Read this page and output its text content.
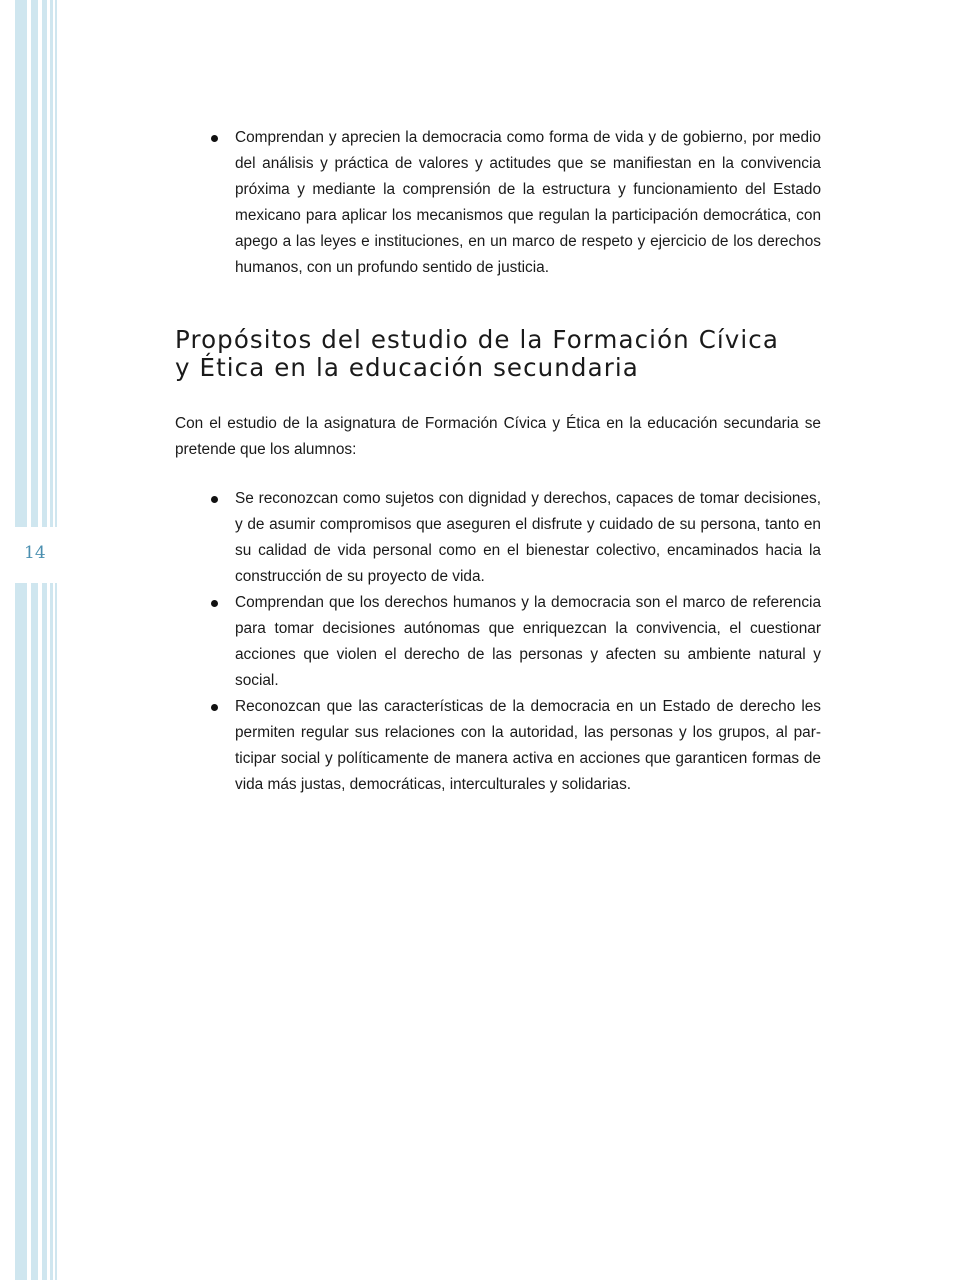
14
Comprendan y aprecien la democracia como forma de vida y de gobierno, por medio del análisis y práctica de valores y actitudes que se manifiestan en la convivencia próxima y mediante la comprensión de la estructura y funcionamiento del Estado mexicano para aplicar los mecanismos que regulan la participación democrática, con apego a las leyes e instituciones, en un marco de respeto y ejercicio de los derechos humanos, con un profundo sentido de justicia.
Propósitos del estudio de la Formación Cívica
y Ética en la educación secundaria

Con el estudio de la asignatura de Formación Cívica y Ética en la educación secundaria se pretende que los alumnos:

Se reconozcan como sujetos con dignidad y derechos, capaces de tomar decisiones, y de asumir compromisos que aseguren el disfrute y cuidado de su persona, tanto en su calidad de vida personal como en el bienestar colectivo, encaminados hacia la construcción de su proyecto de vida.
Comprendan que los derechos humanos y la democracia son el marco de referencia para tomar decisiones autónomas que enriquezcan la convivencia, el cuestionar acciones que violen el derecho de las personas y afecten su ambiente natural y social.
Reconozcan que las características de la democracia en un Estado de derecho les permiten regular sus relaciones con la autoridad, las personas y los grupos, al participar social y políticamente de manera activa en acciones que garanticen formas de vida más justas, democráticas, interculturales y solidarias.
